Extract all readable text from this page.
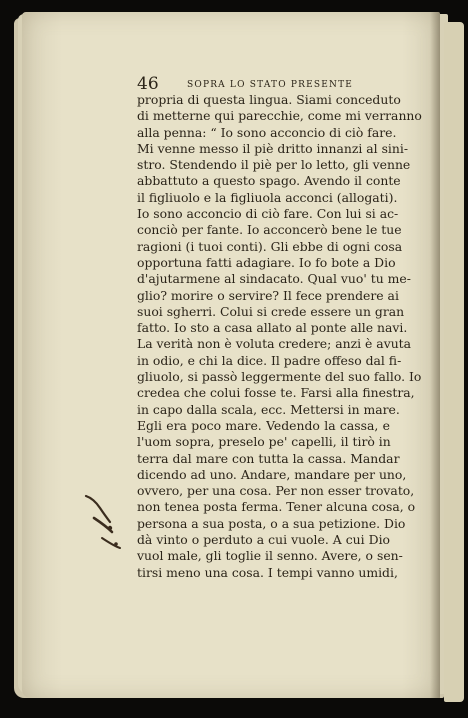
46	SOPRA LO STATO PRESENTE
propria di questa lingua. Siami conceduto
di metterne qui parecchie, come mi verranno
alla penna: “ Io sono acconcio di ciò fare.
Mi venne messo il piè dritto innanzi al sini-
stro. Stendendo il piè per lo letto, gli venne
abbattuto a questo spago. Avendo il conte
il figliuolo e la figliuola acconci (allogati).
Io sono acconcio di ciò fare. Con lui si ac-
conciò per fante. Io acconcerò bene le tue
ragioni (i tuoi conti). Gli ebbe di ogni cosa
opportuna fatti adagiare. Io fo bote a Dio
d'ajutarmene al sindacato. Qual vuo' tu me-
glio? morire o servire? Il fece prendere ai
suoi sgherri. Colui si crede essere un gran
fatto. Io sto a casa allato al ponte alle navi.
La verità non è voluta credere; anzi è avuta
in odio, e chi la dice. Il padre offeso dal fi-
gliuolo, si passò leggermente del suo fallo. Io
credea che colui fosse te. Farsi alla finestra,
in capo dalla scala, ecc. Mettersi in mare.
Egli era poco mare. Vedendo la cassa, e
l'uom sopra, preselo pe' capelli, il tirò in
terra dal mare con tutta la cassa. Mandar
dicendo ad uno. Andare, mandare per uno,
ovvero, per una cosa. Per non esser trovato,
non tenea posta ferma. Tener alcuna cosa, o
persona a sua posta, o a sua petizione. Dio
dà vinto o perduto a cui vuole. A cui Dio
vuol male, gli toglie il senno. Avere, o sen-
tirsi meno una cosa. I tempi vanno umidi,
